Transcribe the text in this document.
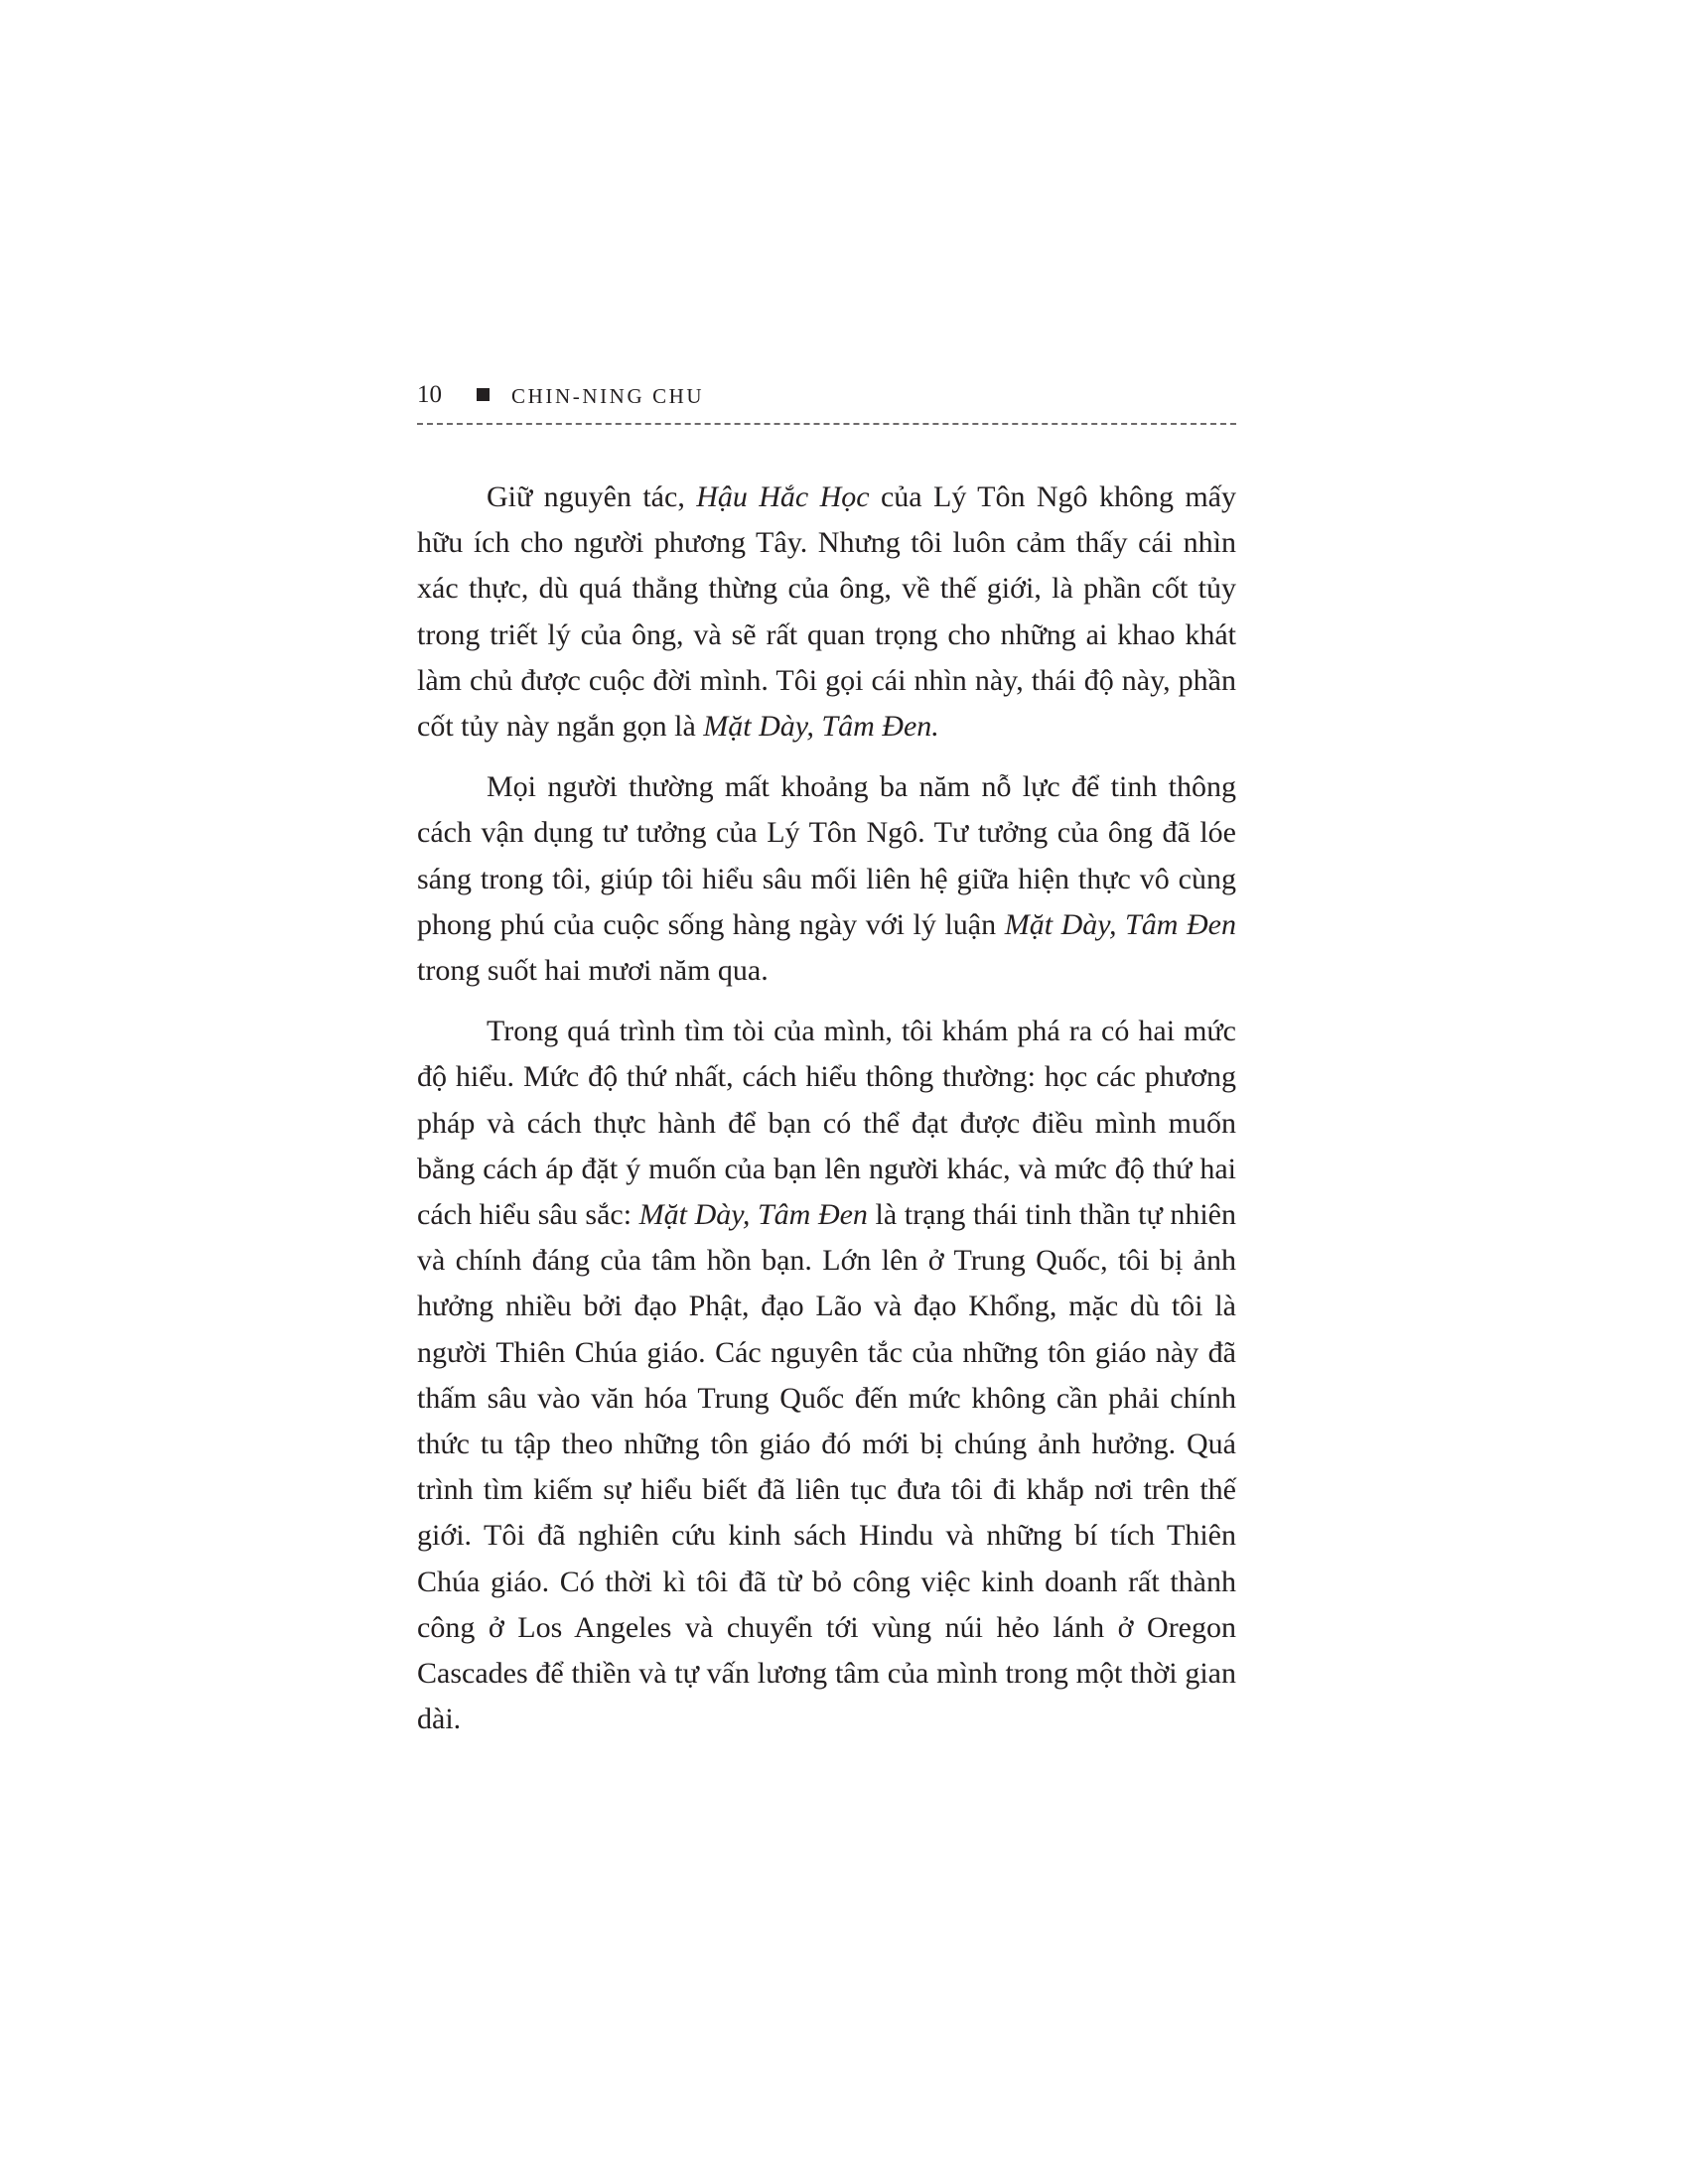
10	CHIN-NING CHU

Giữ nguyên tác, Hậu Hắc Học của Lý Tôn Ngô không mấy hữu ích cho người phương Tây. Nhưng tôi luôn cảm thấy cái nhìn xác thực, dù quá thẳng thừng của ông, về thế giới, là phần cốt tủy trong triết lý của ông, và sẽ rất quan trọng cho những ai khao khát làm chủ được cuộc đời mình. Tôi gọi cái nhìn này, thái độ này, phần cốt tủy này ngắn gọn là Mặt Dày, Tâm Đen.

Mọi người thường mất khoảng ba năm nỗ lực để tinh thông cách vận dụng tư tưởng của Lý Tôn Ngô. Tư tưởng của ông đã lóe sáng trong tôi, giúp tôi hiểu sâu mối liên hệ giữa hiện thực vô cùng phong phú của cuộc sống hàng ngày với lý luận Mặt Dày, Tâm Đen trong suốt hai mươi năm qua.

Trong quá trình tìm tòi của mình, tôi khám phá ra có hai mức độ hiểu. Mức độ thứ nhất, cách hiểu thông thường: học các phương pháp và cách thực hành để bạn có thể đạt được điều mình muốn bằng cách áp đặt ý muốn của bạn lên người khác, và mức độ thứ hai cách hiểu sâu sắc: Mặt Dày, Tâm Đen là trạng thái tinh thần tự nhiên và chính đáng của tâm hồn bạn. Lớn lên ở Trung Quốc, tôi bị ảnh hưởng nhiều bởi đạo Phật, đạo Lão và đạo Khổng, mặc dù tôi là người Thiên Chúa giáo. Các nguyên tắc của những tôn giáo này đã thấm sâu vào văn hóa Trung Quốc đến mức không cần phải chính thức tu tập theo những tôn giáo đó mới bị chúng ảnh hưởng. Quá trình tìm kiếm sự hiểu biết đã liên tục đưa tôi đi khắp nơi trên thế giới. Tôi đã nghiên cứu kinh sách Hindu và những bí tích Thiên Chúa giáo. Có thời kì tôi đã từ bỏ công việc kinh doanh rất thành công ở Los Angeles và chuyển tới vùng núi hẻo lánh ở Oregon Cascades để thiền và tự vấn lương tâm của mình trong một thời gian dài.
